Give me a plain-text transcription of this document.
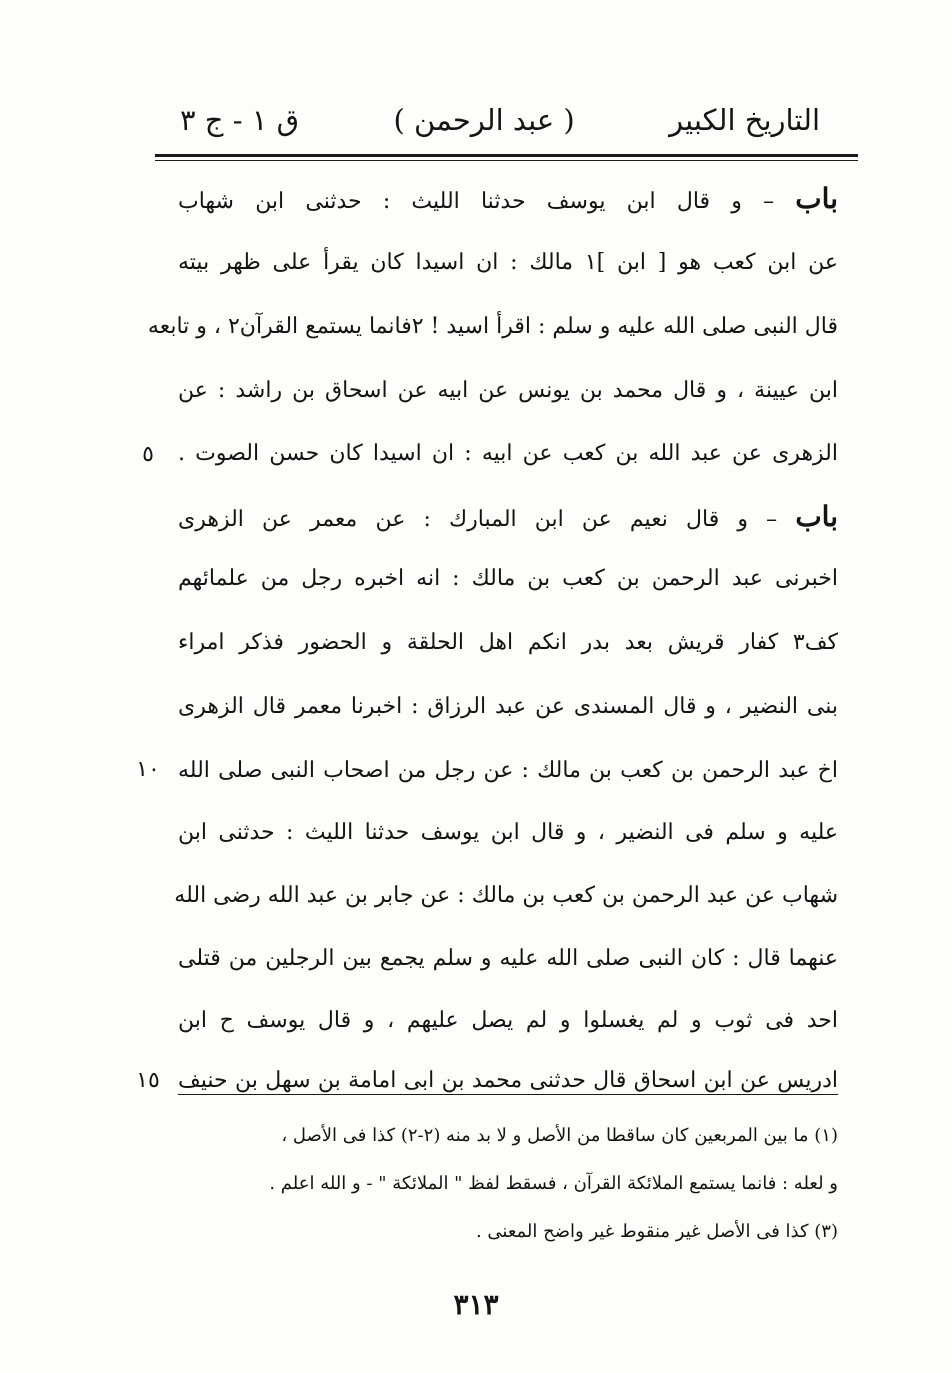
التاريخ الكبير
( عبد الرحمن )
ق ١ - ج ٣
باب – و قال ابن يوسف حدثنا الليث : حدثنى ابن شهاب
عن ابن كعب هو [ ابن ]١ مالك : ان اسيدا كان يقرأ على ظهر بيته
قال النبى صلى الله عليه و سلم : اقرأ اسيد ! ٢فانما يستمع القرآن٢ ، و تابعه
ابن عيينة ، و قال محمد بن يونس عن ابيه عن اسحاق بن راشد : عن
الزهرى عن عبد الله بن كعب عن ابيه : ان اسيدا كان حسن الصوت .
باب – و قال نعيم عن ابن المبارك : عن معمر عن الزهرى
اخبرنى عبد الرحمن بن كعب بن مالك : انه اخبره رجل من علمائهم
كف٣ كفار قريش بعد بدر انكم اهل الحلقة و الحضور فذكر امراء
بنى النضير ، و قال المسندى عن عبد الرزاق : اخبرنا معمر قال الزهرى
اخ عبد الرحمن بن كعب بن مالك : عن رجل من اصحاب النبى صلى الله
عليه و سلم فى النضير ، و قال ابن يوسف حدثنا الليث : حدثنى ابن
شهاب عن عبد الرحمن بن كعب بن مالك : عن جابر بن عبد الله رضى الله
عنهما قال : كان النبى صلى الله عليه و سلم يجمع بين الرجلين من قتلى
احد فى ثوب و لم يغسلوا و لم يصل عليهم ، و قال يوسف ح ابن
ادريس عن ابن اسحاق قال حدثنى محمد بن ابى امامة بن سهل بن حنيف
٥
١٠
١٥
(١) ما بين المربعين كان ساقطا من الأصل و لا بد منه (٢-٢) كذا فى الأصل ،
و لعله : فانما يستمع الملائكة القرآن ، فسقط لفظ " الملائكة " - و الله اعلم .
(٣) كذا فى الأصل غير منقوط غير واضح المعنى .
٣١٣
